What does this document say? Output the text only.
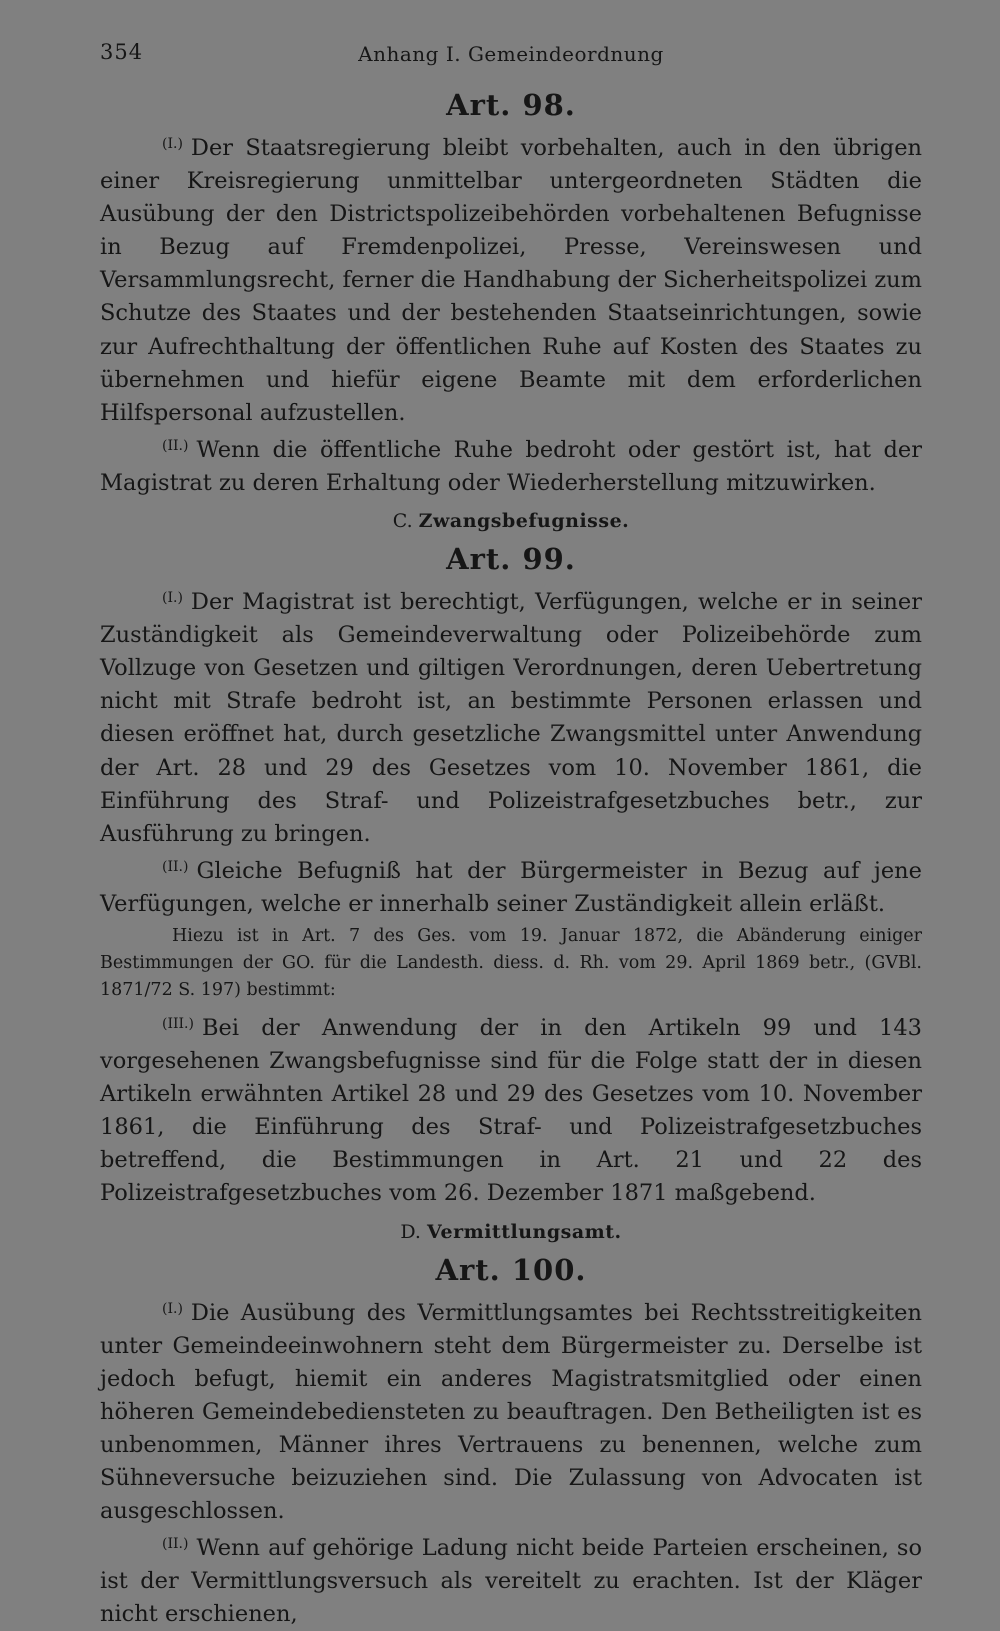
354	Anhang I. Gemeindeordnung
Art. 98.

$^{(I.)}$ Der Staatsregierung bleibt vorbehalten, auch in den übrigen einer Kreisregierung unmittelbar untergeordneten Städten die Ausübung der den Districtspolizeibehörden vorbehaltenen Befugnisse in Bezug auf Fremdenpolizei, Presse, Vereinswesen und Versammlungsrecht, ferner die Handhabung der Sicherheitspolizei zum Schutze des Staates und der bestehenden Staatseinrichtungen, sowie zur Aufrechthaltung der öffentlichen Ruhe auf Kosten des Staates zu übernehmen und hiefür eigene Beamte mit dem erforderlichen Hilfspersonal aufzustellen.

$^{(II.)}$ Wenn die öffentliche Ruhe bedroht oder gestört ist, hat der Magistrat zu deren Erhaltung oder Wiederherstellung mitzuwirken.

C. Zwangsbefugnisse.
Art. 99.

$^{(I.)}$ Der Magistrat ist berechtigt, Verfügungen, welche er in seiner Zuständigkeit als Gemeindeverwaltung oder Polizeibehörde zum Vollzuge von Gesetzen und giltigen Verordnungen, deren Uebertretung nicht mit Strafe bedroht ist, an bestimmte Personen erlassen und diesen eröffnet hat, durch gesetzliche Zwangsmittel unter Anwendung der Art. 28 und 29 des Gesetzes vom 10. November 1861, die Einführung des Straf- und Polizeistrafgesetzbuches betr., zur Ausführung zu bringen.

$^{(II.)}$ Gleiche Befugniß hat der Bürgermeister in Bezug auf jene Verfügungen, welche er innerhalb seiner Zuständigkeit allein erläßt.

Hiezu ist in Art. 7 des Ges. vom 19. Januar 1872, die Abänderung einiger Bestimmungen der GO. für die Landesth. diess. d. Rh. vom 29. April 1869 betr., (GVBl. 1871/72 S. 197) bestimmt:

$^{(III.)}$ Bei der Anwendung der in den Artikeln 99 und 143 vorgesehenen Zwangsbefugnisse sind für die Folge statt der in diesen Artikeln erwähnten Artikel 28 und 29 des Gesetzes vom 10. November 1861, die Einführung des Straf- und Polizeistrafgesetzbuches betreffend, die Bestimmungen in Art. 21 und 22 des Polizeistrafgesetzbuches vom 26. Dezember 1871 maßgebend.

D. Vermittlungsamt.
Art. 100.

$^{(I.)}$ Die Ausübung des Vermittlungsamtes bei Rechtsstreitigkeiten unter Gemeindeeinwohnern steht dem Bürgermeister zu. Derselbe ist jedoch befugt, hiemit ein anderes Magistratsmitglied oder einen höheren Gemeindebediensteten zu beauftragen. Den Betheiligten ist es unbenommen, Männer ihres Vertrauens zu benennen, welche zum Sühneversuche beizuziehen sind. Die Zulassung von Advocaten ist ausgeschlossen.

$^{(II.)}$ Wenn auf gehörige Ladung nicht beide Parteien erscheinen, so ist der Vermittlungsversuch als vereitelt zu erachten. Ist der Kläger nicht erschienen,
